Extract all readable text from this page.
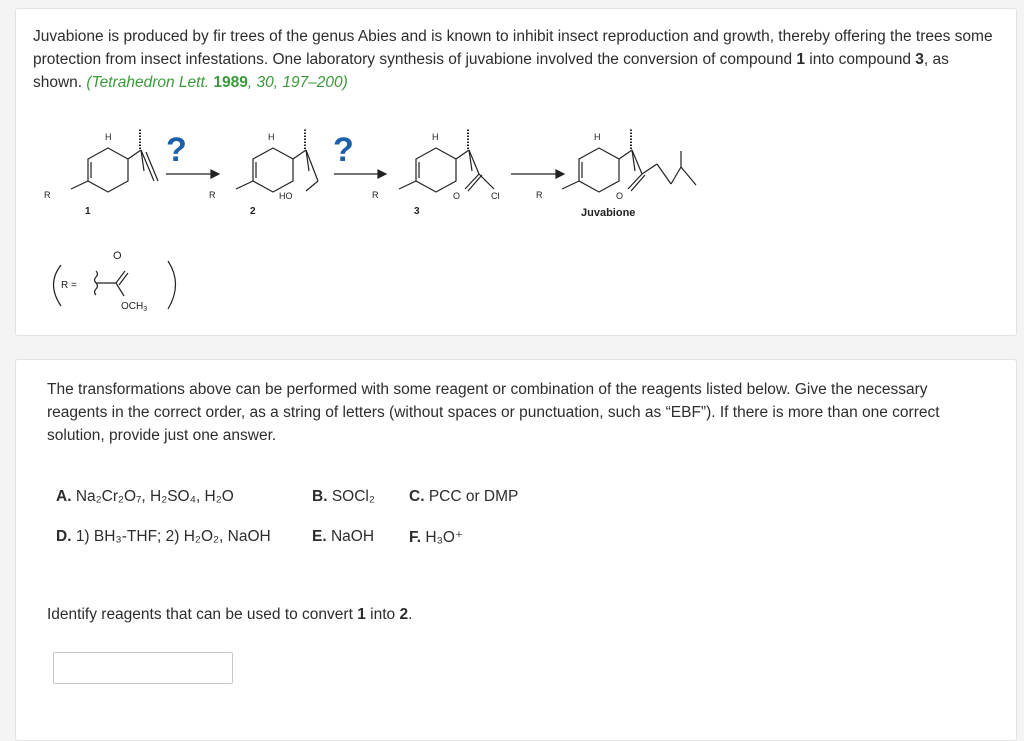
Juvabione is produced by fir trees of the genus Abies and is known to inhibit insect reproduction and growth, thereby offering the trees some protection from insect infestations. One laboratory synthesis of juvabione involved the conversion of compound 1 into compound 3, as shown. (Tetrahedron Lett. 1989, 30, 197–200)
H	H	H	H
R	R	R	R
HO	O	Cl	O
O
$OCH_3$
R =
1	2	3	Juvabione
?	?
The transformations above can be performed with some reagent or combination of the reagents listed below. Give the necessary reagents in the correct order, as a string of letters (without spaces or punctuation, such as “EBF”). If there is more than one correct solution, provide just one answer.
A. Na₂Cr₂O₇, H₂SO₄, H₂O	B. SOCl₂ C. PCC or DMP
D. 1) BH₃-THF; 2) H₂O₂, NaOH	E. NaOH F. H₃O⁺
Identify reagents that can be used to convert 1 into 2.
